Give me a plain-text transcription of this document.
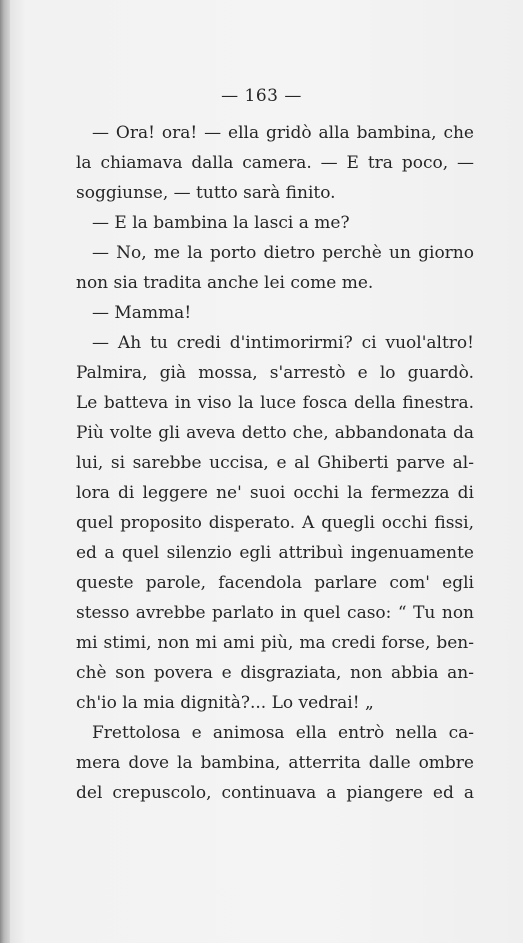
— 163 —
— Ora! ora! — ella gridò alla bambina, che
la chiamava dalla camera. — E tra poco, —
soggiunse, — tutto sarà finito.
— E la bambina la lasci a me?
— No, me la porto dietro perchè un giorno
non sia tradita anche lei come me.
— Mamma!
— Ah tu credi d'intimorirmi? ci vuol'altro!
Palmira, già mossa, s'arrestò e lo guardò.
Le batteva in viso la luce fosca della finestra.
Più volte gli aveva detto che, abbandonata da
lui, si sarebbe uccisa, e al Ghiberti parve al-
lora di leggere ne' suoi occhi la fermezza di
quel proposito disperato. A quegli occhi fissi,
ed a quel silenzio egli attribuì ingenuamente
queste parole, facendola parlare com' egli
stesso avrebbe parlato in quel caso: “ Tu non
mi stimi, non mi ami più, ma credi forse, ben-
chè son povera e disgraziata, non abbia an-
ch'io la mia dignità?... Lo vedrai! „
Frettolosa e animosa ella entrò nella ca-
mera dove la bambina, atterrita dalle ombre
del crepuscolo, continuava a piangere ed a
